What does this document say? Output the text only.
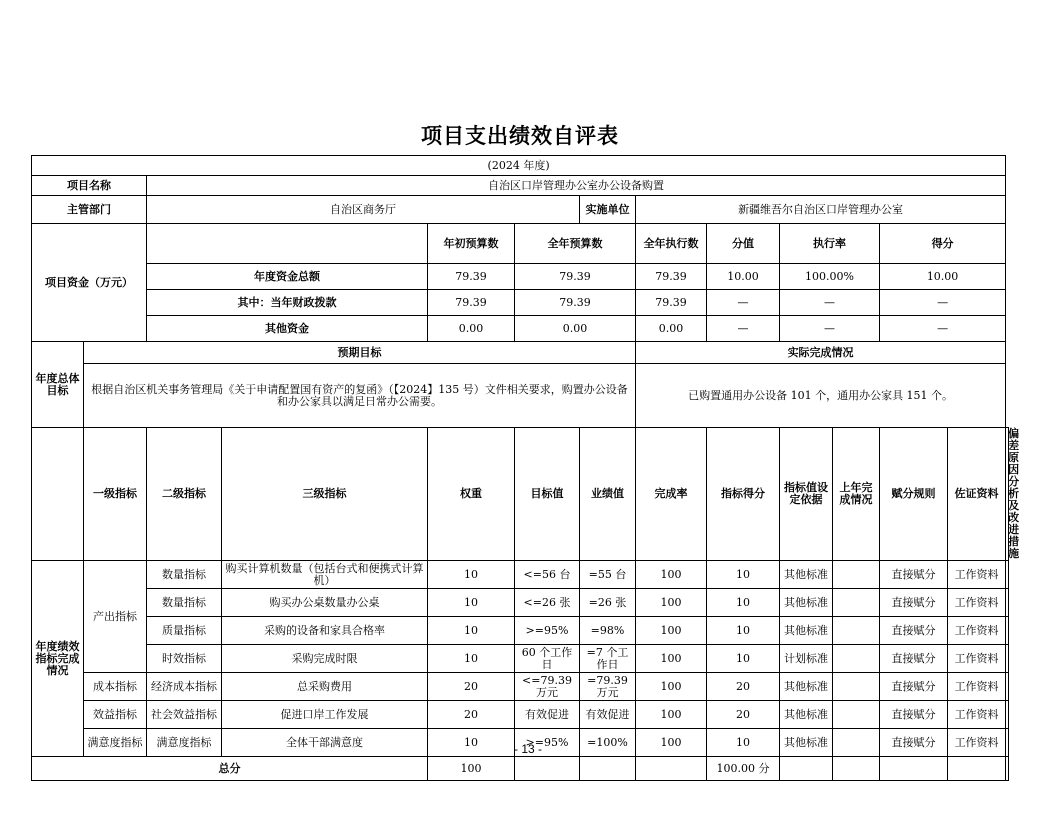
项目支出绩效自评表
(2024 年度)													
项目名称		自治区口岸管理办公室办公设备购置											
主管部门		自治区商务厅				实施单位	新疆维吾尔自治区口岸管理办公室						
项目资金（万元）				年初预算数	全年预算数		全年执行数	分值	执行率		得分		
		年度资金总额		79.39	79.39		79.39	10.00	100.00%		10.00		
		其中：当年财政拨款		79.39	79.39		79.39	—	—		—		
		其他资金		0.00	0.00		0.00	—	—		—		
年度总体目标	预期目标						实际完成情况						
	根据自治区机关事务管理局《关于申请配置国有资产的复函》（【2024】135 号）文件相关要求，购置办公设备和办公家具以满足日常办公需要。						已购置通用办公设备 101 个，通用办公家具 151 个。						
	一级指标	二级指标	三级指标	权重	目标值	业绩值	完成率	指标得分	指标值设定依据	上年完成情况	赋分规则	佐证资料	偏差原因分析及改进措施
年度绩效指标完成情况	产出指标	数量指标	购买计算机数量（包括台式和便携式计算机）	10	<=56 台	=55 台	100	10	其他标准		直接赋分	工作资料	
		数量指标	购买办公桌数量办公桌	10	<=26 张	=26 张	100	10	其他标准		直接赋分	工作资料	
		质量指标	采购的设备和家具合格率	10	>=95%	=98%	100	10	其他标准		直接赋分	工作资料	
		时效指标	采购完成时限	10	60 个工作日	=7 个工作日	100	10	计划标准		直接赋分	工作资料	
	成本指标	经济成本指标	总采购费用	20	<=79.39 万元	=79.39 万元	100	20	其他标准		直接赋分	工作资料	
	效益指标	社会效益指标	促进口岸工作发展	20	有效促进	有效促进	100	20	其他标准		直接赋分	工作资料	
	满意度指标	满意度指标	全体干部满意度	10	>=95%	=100%	100	10	其他标准		直接赋分	工作资料	
总分				100				100.00 分					
- 13 -
